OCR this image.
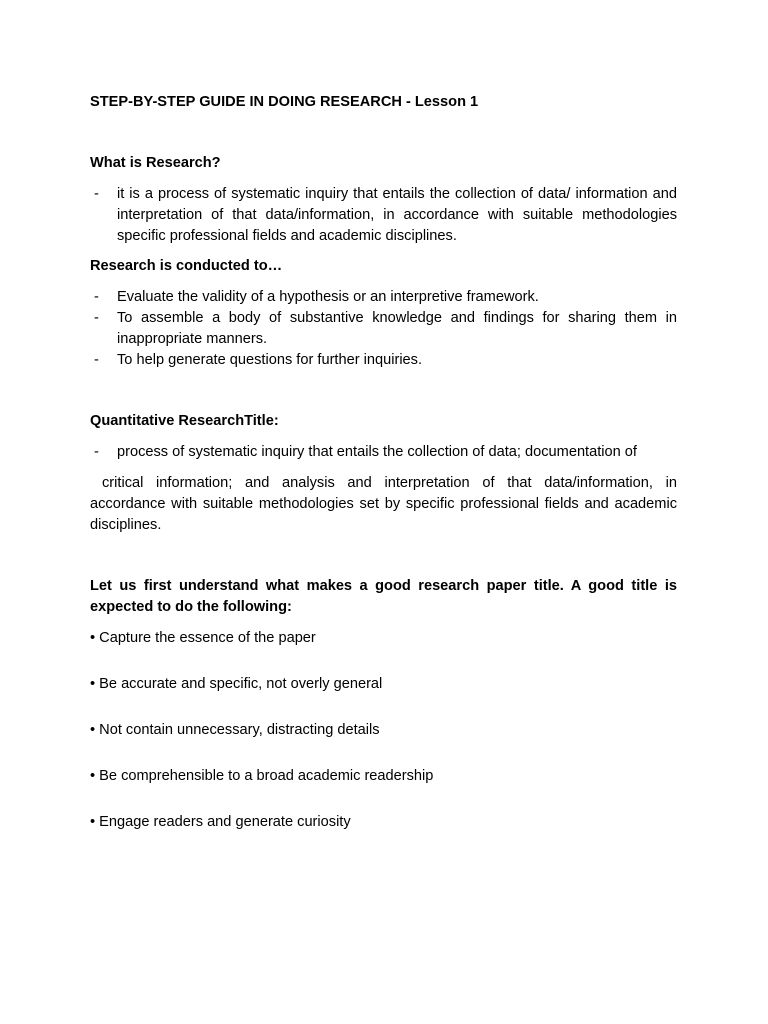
STEP-BY-STEP GUIDE IN DOING RESEARCH - Lesson 1

What is Research?

-	it is a process of systematic inquiry that entails the collection of data/ information and interpretation of that data/information, in accordance with suitable methodologies specific professional fields and academic disciplines.

Research is conducted to…

-	Evaluate the validity of a hypothesis or an interpretive framework.
-	To assemble a body of substantive knowledge and findings for sharing them in inappropriate manners.
-	To help generate questions for further inquiries.

Quantitative ResearchTitle:

-	process of systematic inquiry that entails the collection of data; documentation of

critical information; and analysis and interpretation of that data/information, in accordance with suitable methodologies set by specific professional fields and academic disciplines.

Let us first understand what makes a good research paper title. A good title is expected to do the following:

• Capture the essence of the paper

• Be accurate and specific, not overly general

• Not contain unnecessary, distracting details

• Be comprehensible to a broad academic readership

• Engage readers and generate curiosity
